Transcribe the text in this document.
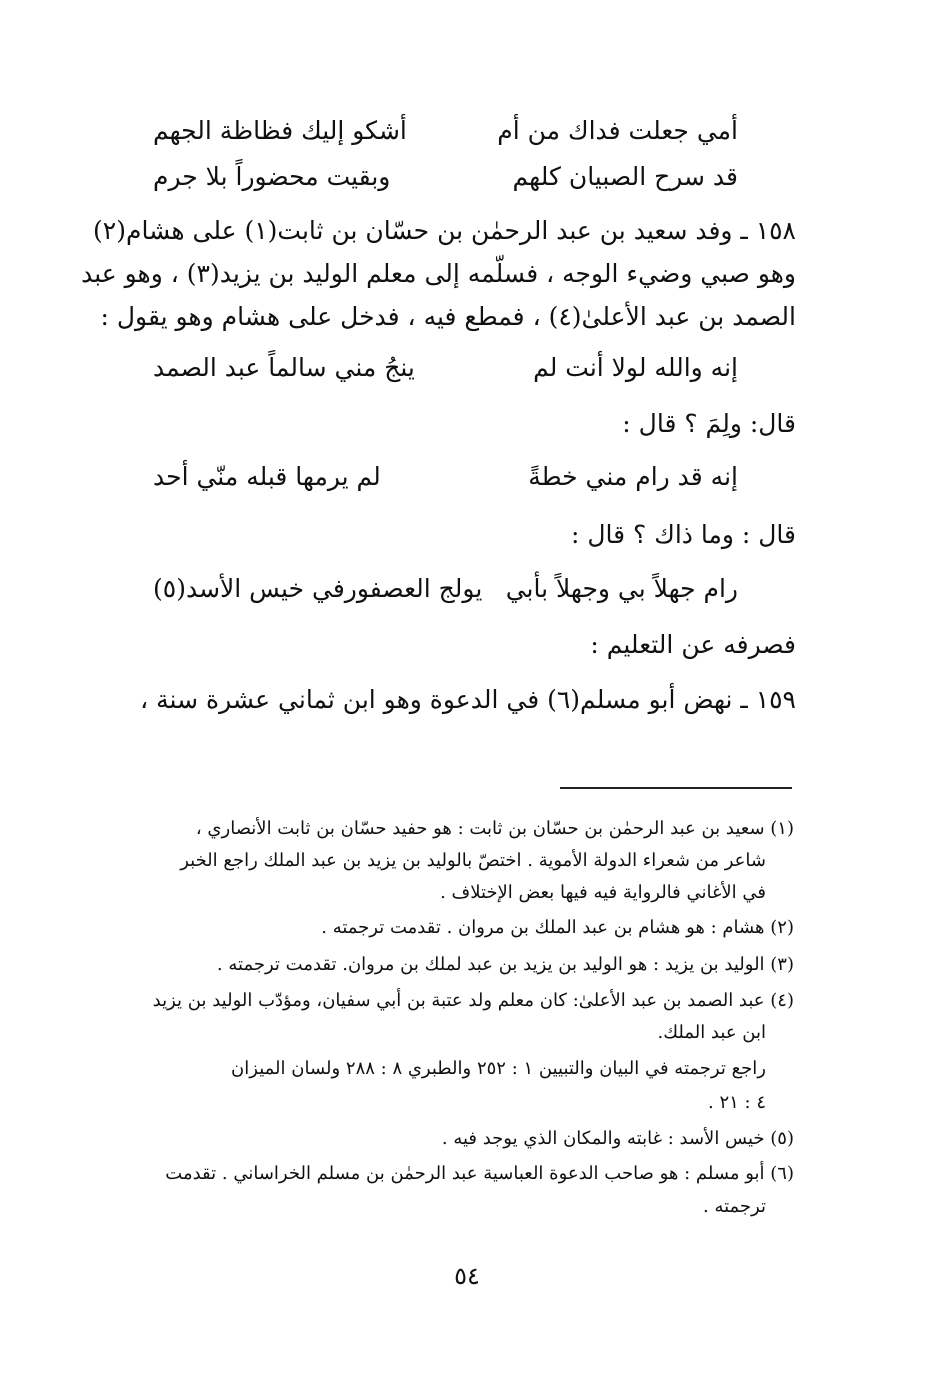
أمي جعلت فداك من أم
أشكو إليك فظاظة الجهم
قد سرح الصبيان كلهم
وبقيت محضوراً بلا جرم
١٥٨ ـ وفد سعيد بن عبد الرحمٰن بن حسّان بن ثابت(١) على هشام(٢)
وهو صبي وضيء الوجه ، فسلّمه إلى معلم الوليد بن يزيد(٣) ، وهو عبد
الصمد بن عبد الأعلىٰ(٤) ، فمطع فيه ، فدخل على هشام وهو يقول :
إنه والله لولا أنت لم
ينجُ مني سالماً عبد الصمد
قال: ولِمَ ؟ قال :
إنه قد رام مني خطةً
لم يرمها قبله منّي أحد
قال : وما ذاك ؟ قال :
رام جهلاً بي وجهلاً بأبي
يولج العصفورفي خيس الأسد(٥)
فصرفه عن التعليم :
١٥٩ ـ نهض أبو مسلم(٦) في الدعوة وهو ابن ثماني عشرة سنة ،
(١) سعيد بن عبد الرحمٰن بن حسّان بن ثابت : هو حفيد حسّان بن ثابت الأنصاري ،
شاعر من شعراء الدولة الأموية . اختصّ بالوليد بن يزيد بن عبد الملك راجع الخبر
في الأغاني فالرواية فيه فيها بعض الإختلاف .
(٢) هشام : هو هشام بن عبد الملك بن مروان . تقدمت ترجمته .
(٣) الوليد بن يزيد : هو الوليد بن يزيد بن عبد لملك بن مروان. تقدمت ترجمته .
(٤) عبد الصمد بن عبد الأعلىٰ: كان معلم ولد عتبة بن أبي سفيان، ومؤدّب الوليد بن يزيد
ابن عبد الملك.
راجع ترجمته في البيان والتبيين ١ : ٢٥٢ والطبري ٨ : ٢٨٨ ولسان الميزان
٤ : ٢١ .
(٥) خيس الأسد : غابته والمكان الذي يوجد فيه .
(٦) أبو مسلم : هو صاحب الدعوة العباسية عبد الرحمٰن بن مسلم الخراساني . تقدمت
ترجمته .
٥٤
